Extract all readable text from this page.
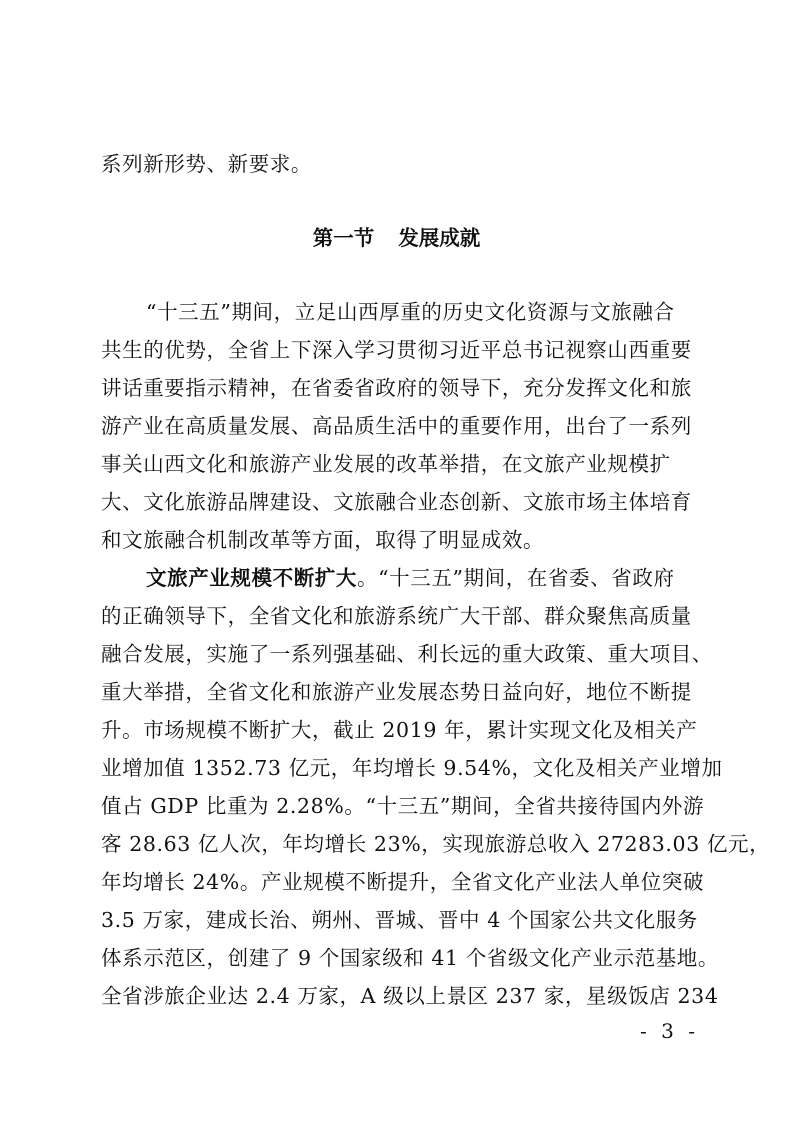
系列新形势、新要求。
第一节 发展成就
“十三五”期间，立足山西厚重的历史文化资源与文旅融合
共生的优势，全省上下深入学习贯彻习近平总书记视察山西重要
讲话重要指示精神，在省委省政府的领导下，充分发挥文化和旅
游产业在高质量发展、高品质生活中的重要作用，出台了一系列
事关山西文化和旅游产业发展的改革举措，在文旅产业规模扩
大、文化旅游品牌建设、文旅融合业态创新、文旅市场主体培育
和文旅融合机制改革等方面，取得了明显成效。
文旅产业规模不断扩大。“十三五”期间，在省委、省政府
的正确领导下，全省文化和旅游系统广大干部、群众聚焦高质量
融合发展，实施了一系列强基础、利长远的重大政策、重大项目、
重大举措，全省文化和旅游产业发展态势日益向好，地位不断提
升。市场规模不断扩大，截止 2019 年，累计实现文化及相关产
业增加值 1352.73 亿元，年均增长 9.54%，文化及相关产业增加
值占 GDP 比重为 2.28%。“十三五”期间，全省共接待国内外游
客 28.63 亿人次，年均增长 23%，实现旅游总收入 27283.03 亿元，
年均增长 24%。产业规模不断提升，全省文化产业法人单位突破
3.5 万家，建成长治、朔州、晋城、晋中 4 个国家公共文化服务
体系示范区，创建了 9 个国家级和 41 个省级文化产业示范基地。
全省涉旅企业达 2.4 万家，A 级以上景区 237 家，星级饭店 234
- 3 -
